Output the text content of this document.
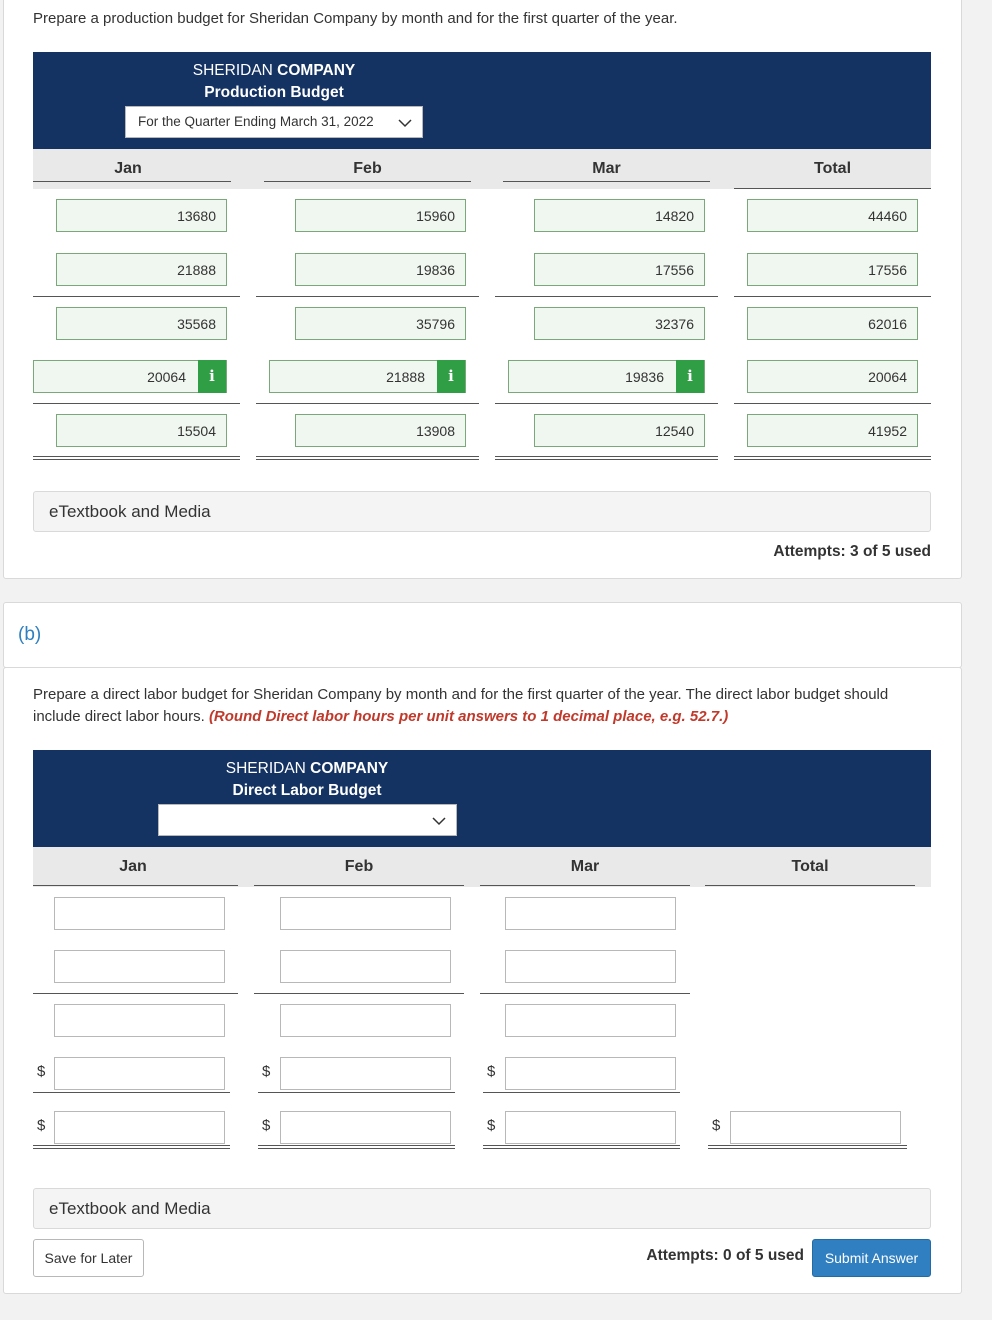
Prepare a production budget for Sheridan Company by month and for the first quarter of the year.
SHERIDAN COMPANY
Production Budget
For the Quarter Ending March 31, 2022
Jan	Feb	Mar	Total
13680	15960	14820	44460
21888	19836	17556	17556
35568	35796	32376	62016
20064	i	21888	i	19836	i	20064
15504	13908	12540	41952
eTextbook and Media
Attempts: 3 of 5 used
(b)
Prepare a direct labor budget for Sheridan Company by month and for the first quarter of the year. The direct labor budget should include direct labor hours. (Round Direct labor hours per unit answers to 1 decimal place, e.g. 52.7.)
SHERIDAN COMPANY
Direct Labor Budget
Jan	Feb	Mar	Total
$	$	$
$	$	$	$
eTextbook and Media
Save for Later	Attempts: 0 of 5 used	Submit Answer
